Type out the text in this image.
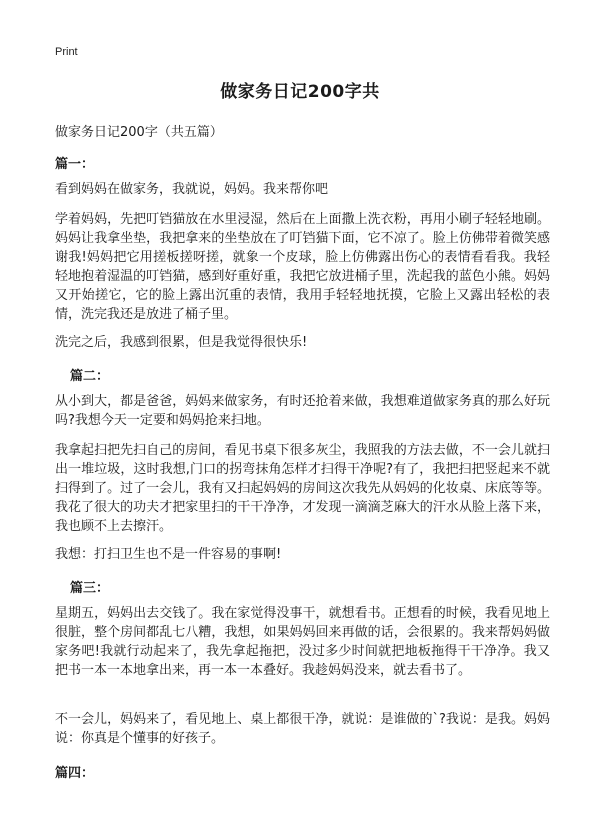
Print
做家务日记200字共

做家务日记200字（共五篇）

篇一：

看到妈妈在做家务，我就说，妈妈。我来帮你吧

学着妈妈，先把叮铛猫放在水里浸湿，然后在上面撒上洗衣粉，再用小刷子轻轻地刷。妈妈让我拿坐垫，我把拿来的坐垫放在了叮铛猫下面，它不凉了。脸上仿佛带着微笑感谢我!妈妈把它用搓板搓呀搓，就象一个皮球，脸上仿佛露出伤心的表情看看我。我轻轻地抱着湿温的叮铛猫，感到好重好重，我把它放进桶子里，洗起我的蓝色小熊。妈妈又开始搓它，它的脸上露出沉重的表情，我用手轻轻地抚摸，它脸上又露出轻松的表情，洗完我还是放进了桶子里。

洗完之后，我感到很累，但是我觉得很快乐!

篇二：

从小到大，都是爸爸，妈妈来做家务，有时还抢着来做，我想难道做家务真的那么好玩吗?我想今天一定要和妈妈抢来扫地。

我拿起扫把先扫自己的房间，看见书桌下很多灰尘，我照我的方法去做，不一会儿就扫出一堆垃圾，这时我想,门口的拐弯抹角怎样才扫得干净呢?有了，我把扫把竖起来不就扫得到了。过了一会儿，我有又扫起妈妈的房间这次我先从妈妈的化妆桌、床底等等。我花了很大的功夫才把家里扫的干干净净，才发现一滴滴芝麻大的汗水从脸上落下来，我也顾不上去擦汗。

我想：打扫卫生也不是一件容易的事啊!

篇三：

星期五，妈妈出去交钱了。我在家觉得没事干，就想看书。正想看的时候，我看见地上很脏，整个房间都乱七八糟，我想，如果妈妈回来再做的话，会很累的。我来帮妈妈做家务吧!我就行动起来了，我先拿起拖把，没过多少时间就把地板拖得干干净净。我又把书一本一本地拿出来，再一本一本叠好。我趁妈妈没来，就去看书了。

不一会儿，妈妈来了，看见地上、桌上都很干净，就说：是谁做的`?我说：是我。妈妈说：你真是个懂事的好孩子。

篇四：
